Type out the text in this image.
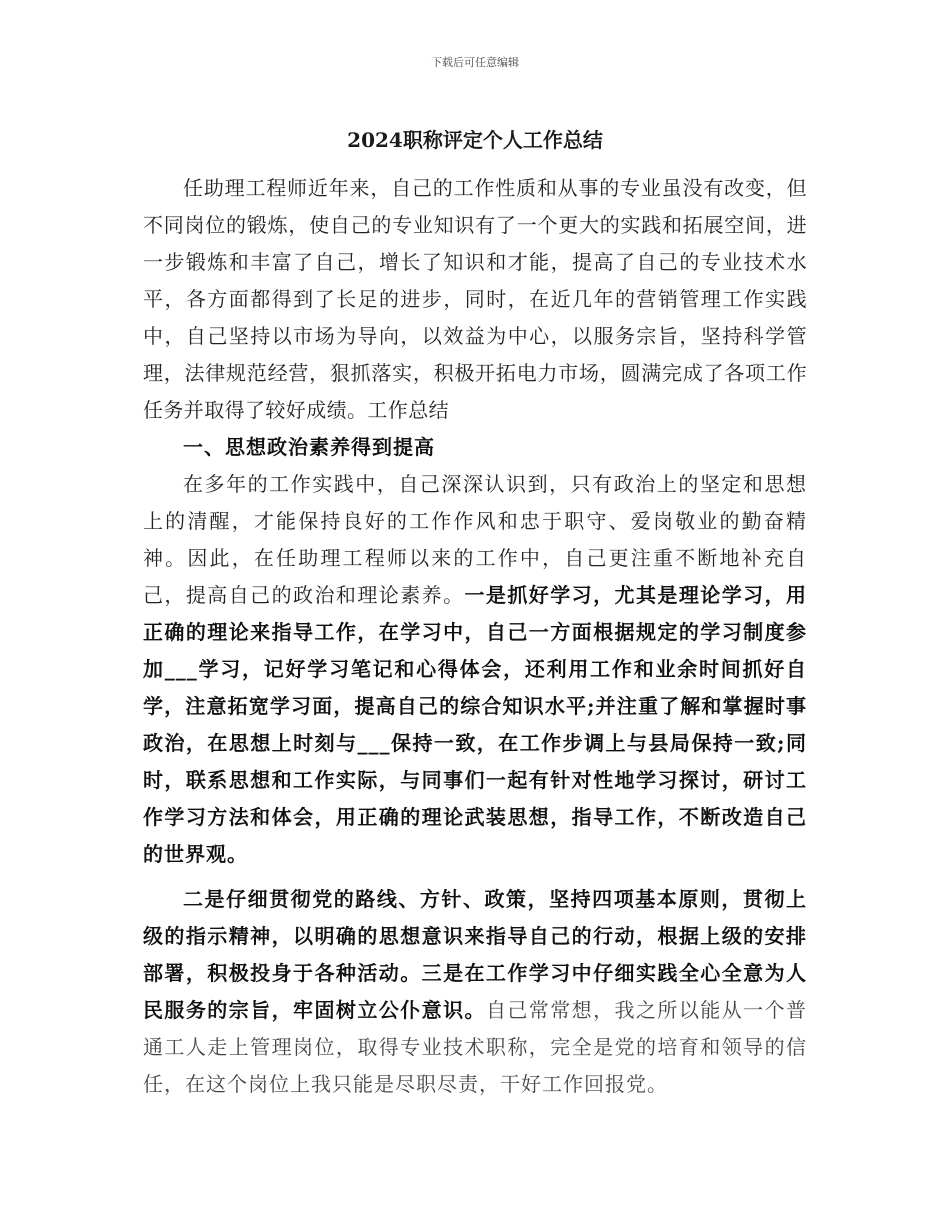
下载后可任意编辑
2024职称评定个人工作总结

任助理工程师近年来，自己的工作性质和从事的专业虽没有改变，但不同岗位的锻炼，使自己的专业知识有了一个更大的实践和拓展空间，进一步锻炼和丰富了自己，增长了知识和才能，提高了自己的专业技术水平，各方面都得到了长足的进步，同时，在近几年的营销管理工作实践中，自己坚持以市场为导向，以效益为中心，以服务宗旨，坚持科学管理，法律规范经营，狠抓落实，积极开拓电力市场，圆满完成了各项工作任务并取得了较好成绩。工作总结

一、思想政治素养得到提高

在多年的工作实践中，自己深深认识到，只有政治上的坚定和思想上的清醒，才能保持良好的工作作风和忠于职守、爱岗敬业的勤奋精神。因此，在任助理工程师以来的工作中，自己更注重不断地补充自己，提高自己的政治和理论素养。一是抓好学习，尤其是理论学习，用正确的理论来指导工作，在学习中，自己一方面根据规定的学习制度参加___学习，记好学习笔记和心得体会，还利用工作和业余时间抓好自学，注意拓宽学习面，提高自己的综合知识水平;并注重了解和掌握时事政治，在思想上时刻与___保持一致，在工作步调上与县局保持一致;同时，联系思想和工作实际，与同事们一起有针对性地学习探讨，研讨工作学习方法和体会，用正确的理论武装思想，指导工作，不断改造自己的世界观。

二是仔细贯彻党的路线、方针、政策，坚持四项基本原则，贯彻上级的指示精神，以明确的思想意识来指导自己的行动，根据上级的安排部署，积极投身于各种活动。三是在工作学习中仔细实践全心全意为人民服务的宗旨，牢固树立公仆意识。自己常常想，我之所以能从一个普通工人走上管理岗位，取得专业技术职称，完全是党的培育和领导的信任，在这个岗位上我只能是尽职尽责，干好工作回报党。
